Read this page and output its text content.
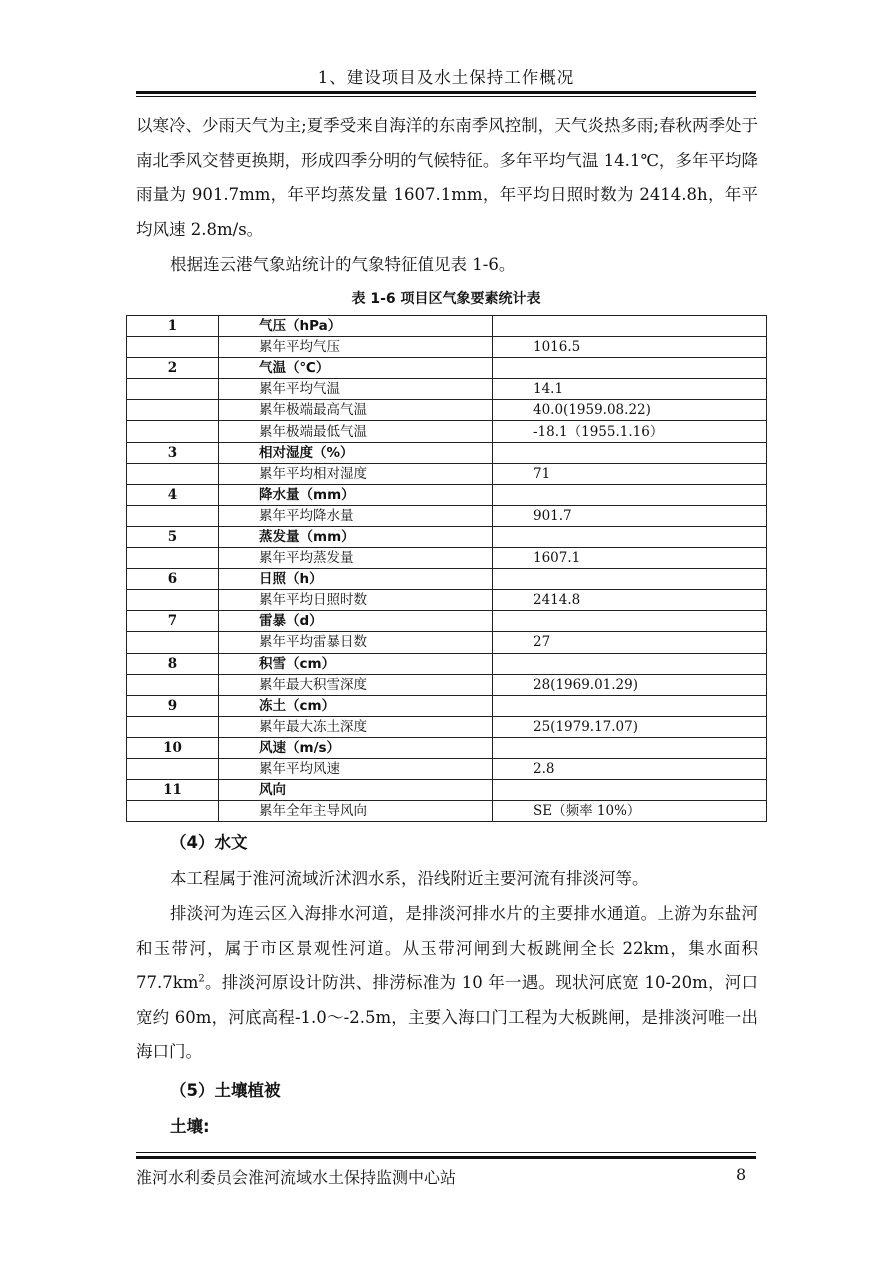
1、建设项目及水土保持工作概况

以寒冷、少雨天气为主;夏季受来自海洋的东南季风控制，天气炎热多雨;春秋两季处于南北季风交替更换期，形成四季分明的气候特征。多年平均气温 14.1℃，多年平均降雨量为 901.7mm，年平均蒸发量 1607.1mm，年平均日照时数为 2414.8h，年平均风速 2.8m/s。

根据连云港气象站统计的气象特征值见表 1-6。

表 1-6 项目区气象要素统计表
1	气压（hPa）	
	累年平均气压	1016.5
2	气温（℃）	
	累年平均气温	14.1
	累年极端最高气温	40.0(1959.08.22)
	累年极端最低气温	-18.1（1955.1.16）
3	相对湿度（%）	
	累年平均相对湿度	71
4	降水量（mm）	
	累年平均降水量	901.7
5	蒸发量（mm）	
	累年平均蒸发量	1607.1
6	日照（h）	
	累年平均日照时数	2414.8
7	雷暴（d）	
	累年平均雷暴日数	27
8	积雪（cm）	
	累年最大积雪深度	28(1969.01.29)
9	冻土（cm）	
	累年最大冻土深度	25(1979.17.07)
10	风速（m/s）	
	累年平均风速	2.8
11	风向	
	累年全年主导风向	SE（频率 10%）
（4）水文

本工程属于淮河流域沂沭泗水系，沿线附近主要河流有排淡河等。

排淡河为连云区入海排水河道，是排淡河排水片的主要排水通道。上游为东盐河和玉带河，属于市区景观性河道。从玉带河闸到大板跳闸全长 22km，集水面积 $77.7km^2$。排淡河原设计防洪、排涝标准为 10 年一遇。现状河底宽 10-20m，河口宽约 60m，河底高程-1.0～-2.5m，主要入海口门工程为大板跳闸，是排淡河唯一出海口门。

（5）土壤植被
土壤:
淮河水利委员会淮河流域水土保持监测中心站	8
